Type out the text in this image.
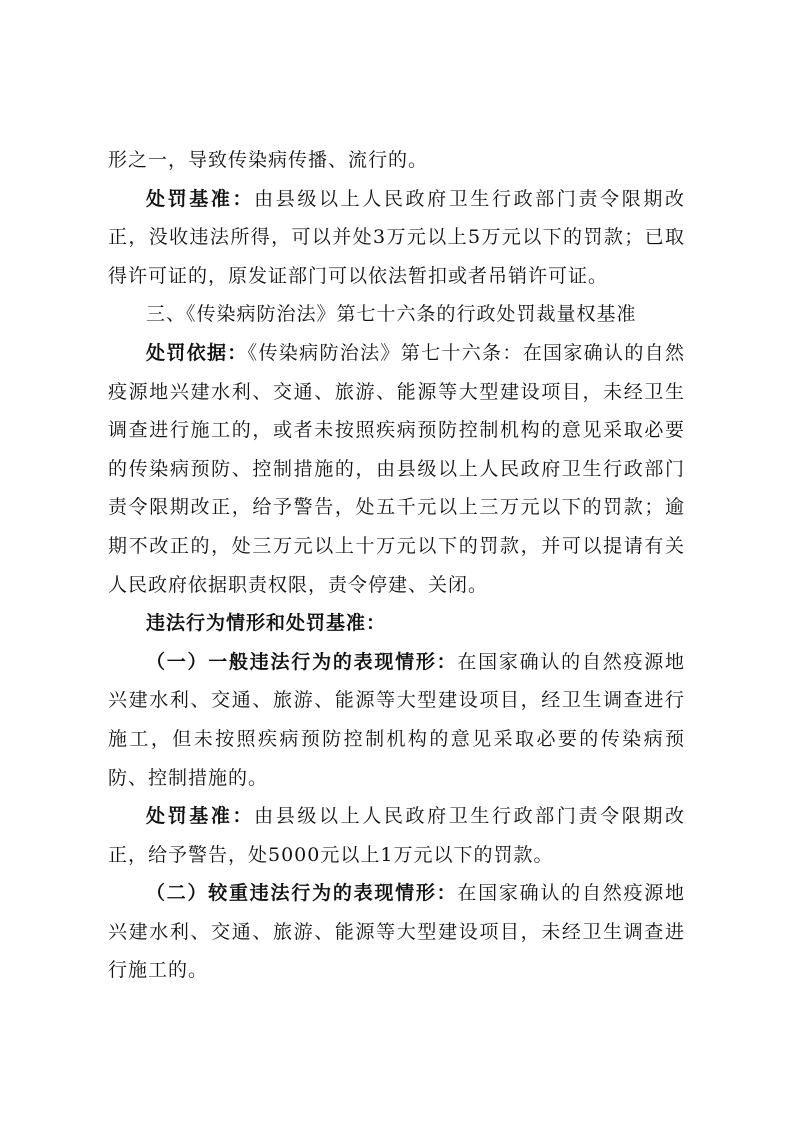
形之一，导致传染病传播、流行的。

处罚基准：由县级以上人民政府卫生行政部门责令限期改正，没收违法所得，可以并处3万元以上5万元以下的罚款；已取得许可证的，原发证部门可以依法暂扣或者吊销许可证。

三、《传染病防治法》第七十六条的行政处罚裁量权基准

处罚依据：《传染病防治法》第七十六条：在国家确认的自然疫源地兴建水利、交通、旅游、能源等大型建设项目，未经卫生调查进行施工的，或者未按照疾病预防控制机构的意见采取必要的传染病预防、控制措施的，由县级以上人民政府卫生行政部门责令限期改正，给予警告，处五千元以上三万元以下的罚款；逾期不改正的，处三万元以上十万元以下的罚款，并可以提请有关人民政府依据职责权限，责令停建、关闭。

违法行为情形和处罚基准：

（一）一般违法行为的表现情形：在国家确认的自然疫源地兴建水利、交通、旅游、能源等大型建设项目，经卫生调查进行施工，但未按照疾病预防控制机构的意见采取必要的传染病预防、控制措施的。

处罚基准：由县级以上人民政府卫生行政部门责令限期改正，给予警告，处5000元以上1万元以下的罚款。

（二）较重违法行为的表现情形：在国家确认的自然疫源地兴建水利、交通、旅游、能源等大型建设项目，未经卫生调查进行施工的。
